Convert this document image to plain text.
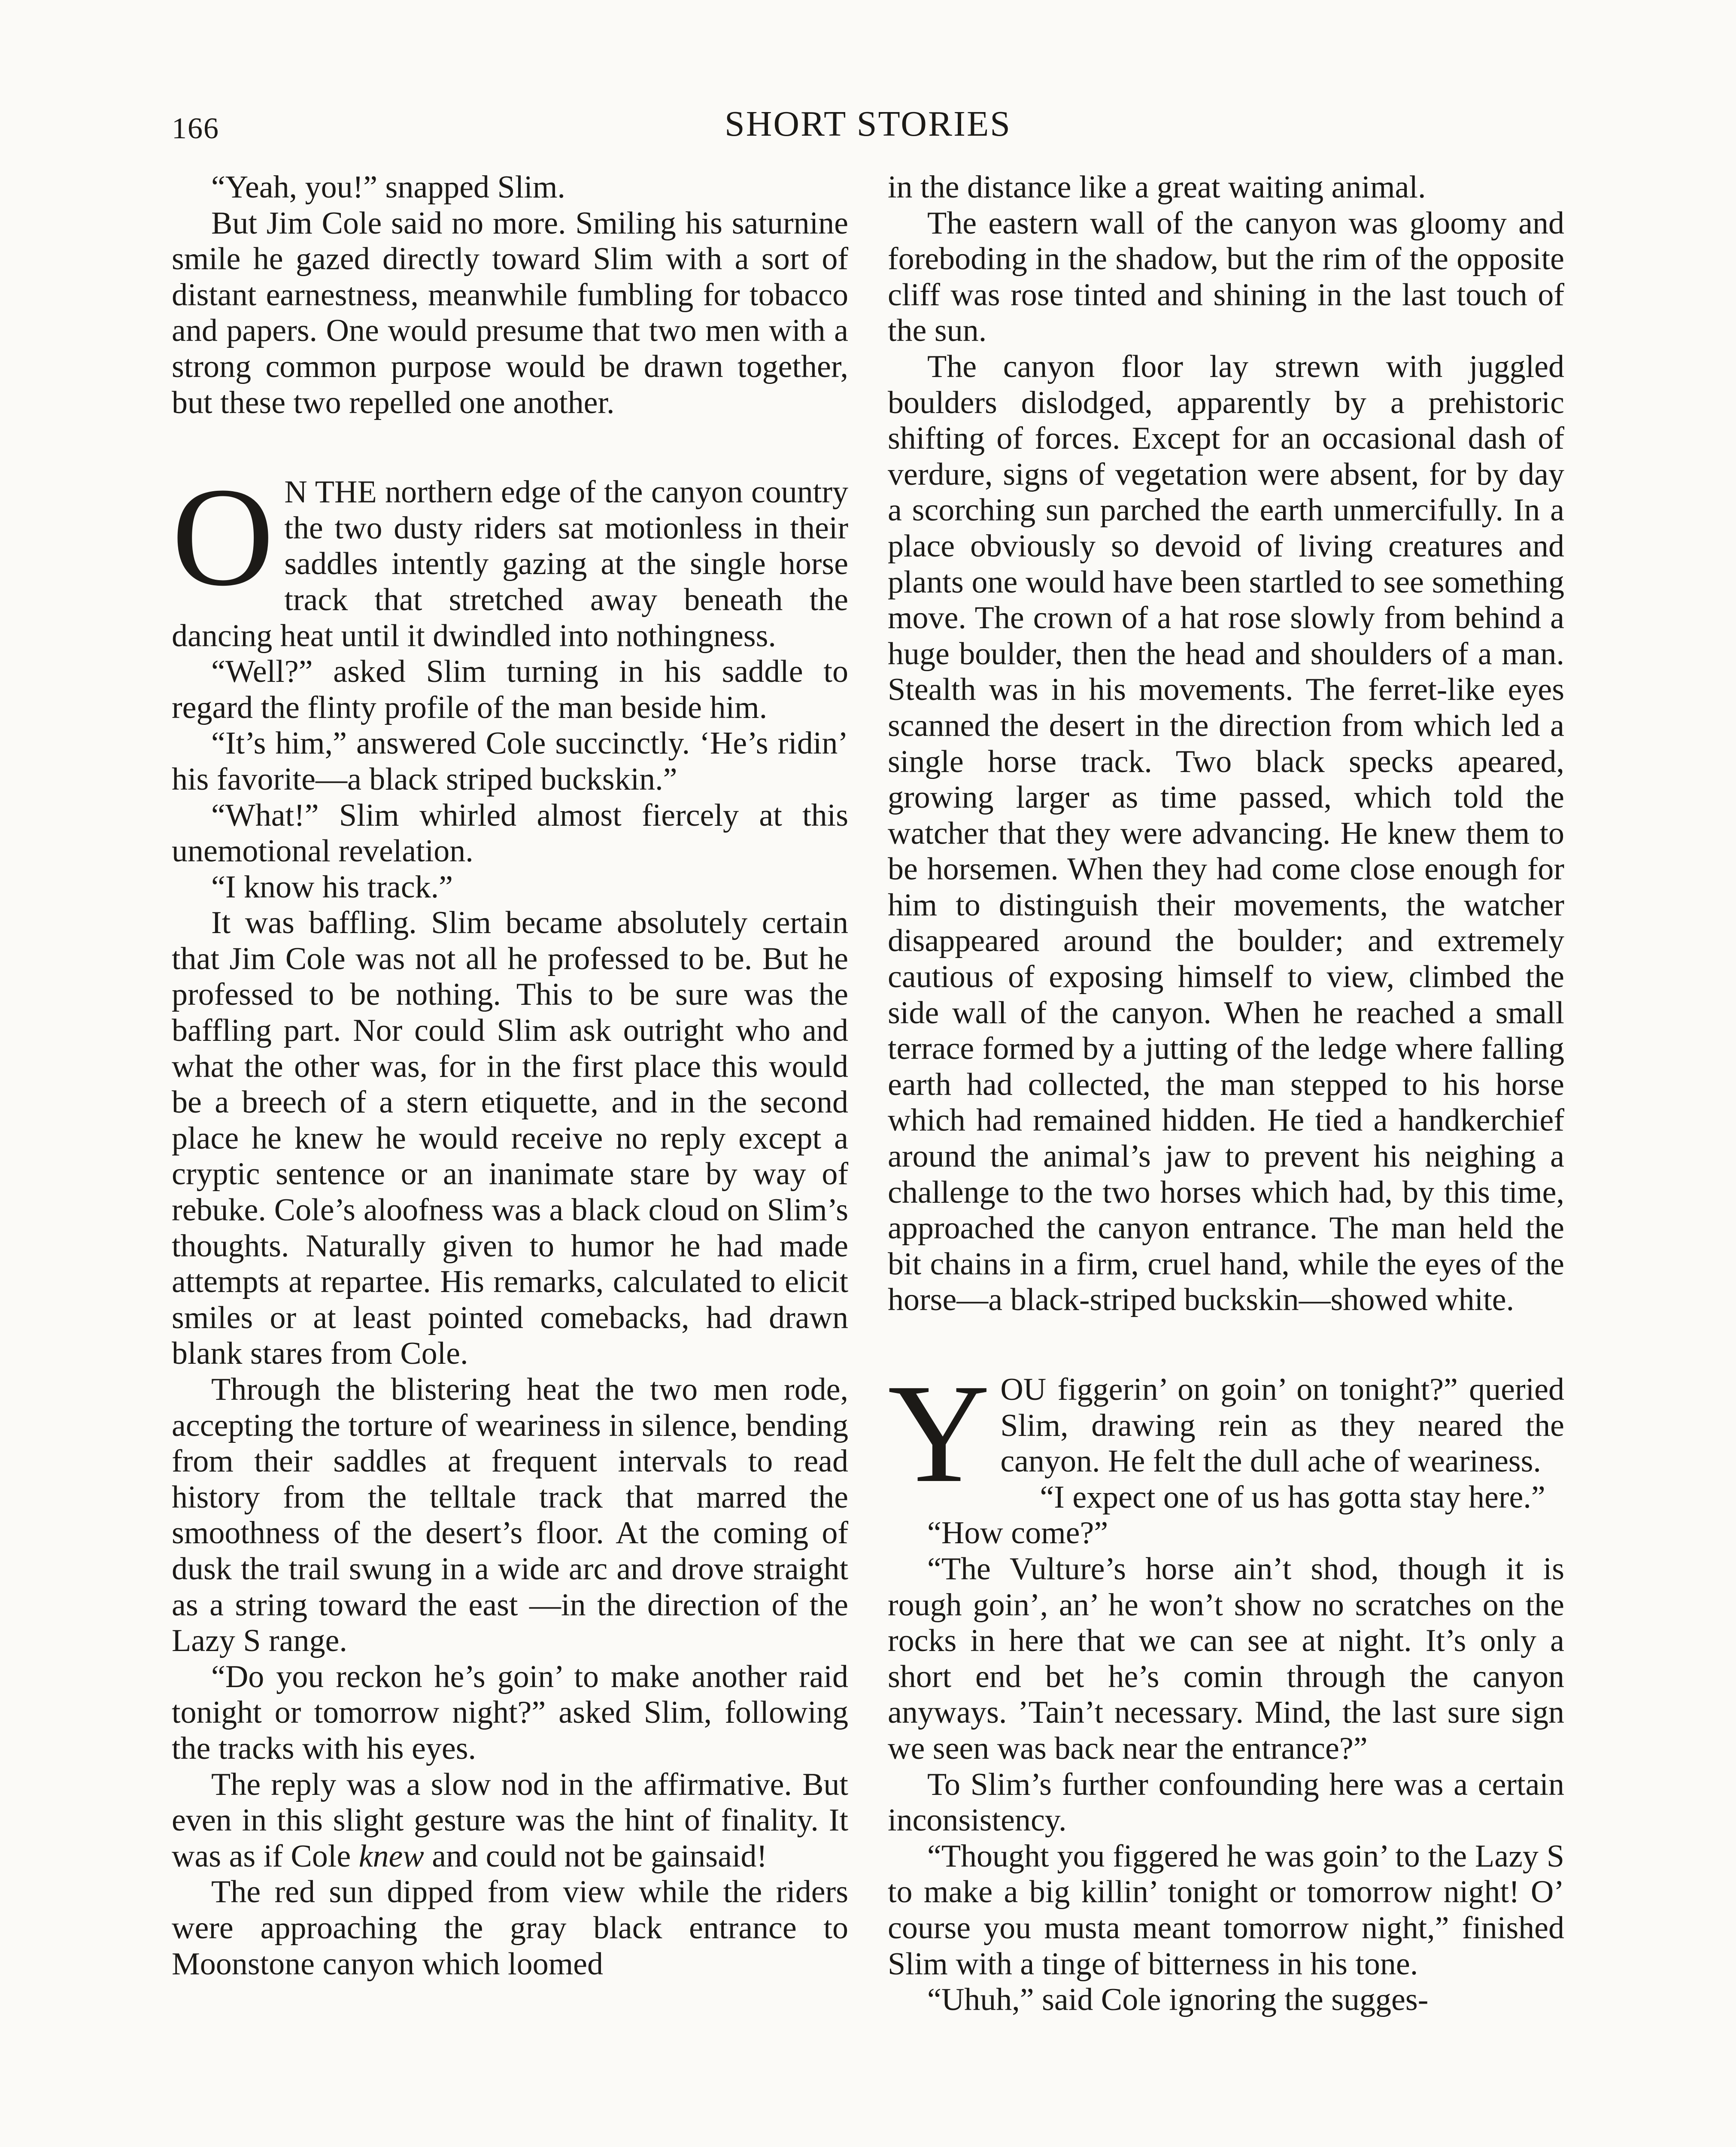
166	SHORT STORIES

“Yeah, you!” snapped Slim.

But Jim Cole said no more. Smiling his saturnine smile he gazed directly toward Slim with a sort of distant earnestness, meanwhile fumbling for tobacco and papers. One would presume that two men with a strong common purpose would be drawn together, but these two repelled one another.

O N THE northern edge of the canyon country the two dusty riders sat motionless in their saddles intently gazing at the single horse track that stretched away beneath the dancing heat until it dwindled into nothingness.

“Well?” asked Slim turning in his saddle to regard the flinty profile of the man beside him.

“It’s him,” answered Cole succinctly. ‘He’s ridin’ his favorite—a black striped buckskin.”

“What!” Slim whirled almost fiercely at this unemotional revelation.

“I know his track.”

It was baffling. Slim became absolutely certain that Jim Cole was not all he professed to be. But he professed to be nothing. This to be sure was the baffling part. Nor could Slim ask outright who and what the other was, for in the first place this would be a breech of a stern etiquette, and in the second place he knew he would receive no reply except a cryptic sentence or an inanimate stare by way of rebuke. Cole’s aloofness was a black cloud on Slim’s thoughts. Naturally given to humor he had made attempts at repartee. His remarks, calculated to elicit smiles or at least pointed comebacks, had drawn blank stares from Cole.

Through the blistering heat the two men rode, accepting the torture of weariness in silence, bending from their saddles at frequent intervals to read history from the telltale track that marred the smoothness of the desert’s floor. At the coming of dusk the trail swung in a wide arc and drove straight as a string toward the east —in the direction of the Lazy S range.

“Do you reckon he’s goin’ to make another raid tonight or tomorrow night?” asked Slim, following the tracks with his eyes.

The reply was a slow nod in the affirmative. But even in this slight gesture was the hint of finality. It was as if Cole knew and could not be gainsaid!

The red sun dipped from view while the riders were approaching the gray black entrance to Moonstone canyon which loomed

in the distance like a great waiting animal.

The eastern wall of the canyon was gloomy and foreboding in the shadow, but the rim of the opposite cliff was rose tinted and shining in the last touch of the sun.

The canyon floor lay strewn with juggled boulders dislodged, apparently by a prehistoric shifting of forces. Except for an occasional dash of verdure, signs of vegetation were absent, for by day a scorching sun parched the earth unmercifully. In a place obviously so devoid of living creatures and plants one would have been startled to see something move. The crown of a hat rose slowly from behind a huge boulder, then the head and shoulders of a man. Stealth was in his movements. The ferret-like eyes scanned the desert in the direction from which led a single horse track. Two black specks apeared, growing larger as time passed, which told the watcher that they were advancing. He knew them to be horsemen. When they had come close enough for him to distinguish their movements, the watcher disappeared around the boulder; and extremely cautious of exposing himself to view, climbed the side wall of the canyon. When he reached a small terrace formed by a jutting of the ledge where falling earth had collected, the man stepped to his horse which had remained hidden. He tied a handkerchief around the animal’s jaw to prevent his neighing a challenge to the two horses which had, by this time, approached the canyon entrance. The man held the bit chains in a firm, cruel hand, while the eyes of the horse—a black-striped buckskin—showed white.

YOU figgerin’ on goin’ on tonight?” queried Slim, drawing rein as they neared the canyon. He felt the dull ache of weariness.

“I expect one of us has gotta stay here.”

“How come?”

“The Vulture’s horse ain’t shod, though it is rough goin’, an’ he won’t show no scratches on the rocks in here that we can see at night. It’s only a short end bet he’s comin through the canyon anyways. ’Tain’t necessary. Mind, the last sure sign we seen was back near the entrance?”

To Slim’s further confounding here was a certain inconsistency.

“Thought you figgered he was goin’ to the Lazy S to make a big killin’ tonight or tomorrow night! O’ course you musta meant tomorrow night,” finished Slim with a tinge of bitterness in his tone.

“Uhuh,” said Cole ignoring the sugges-
